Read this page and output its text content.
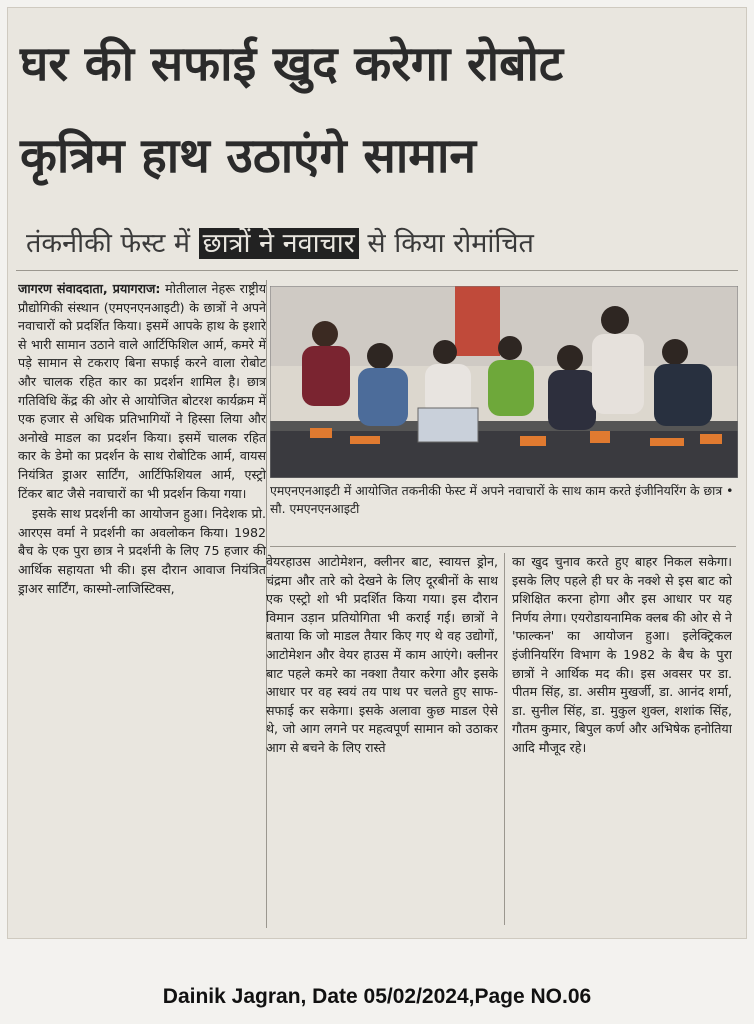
घर की सफाई खुद करेगा रोबोट
कृत्रिम हाथ उठाएंगे सामान
तंकनीकी फेस्ट में छात्रों ने नवाचार से किया रोमांचित

जागरण संवाददाता, प्रयागराज: मोतीलाल नेहरू राष्ट्रीय प्रौद्योगिकी संस्थान (एमएनएनआइटी) के छात्रों ने अपने नवाचारों को प्रदर्शित किया। इसमें आपके हाथ के इशारे से भारी सामान उठाने वाले आर्टिफिशिल आर्म, कमरे में पड़े सामान से टकराए बिना सफाई करने वाला रोबोट और चालक रहित कार का प्रदर्शन शामिल है। छात्र गतिविधि केंद्र की ओर से आयोजित बोटरश कार्यक्रम में एक हजार से अधिक प्रतिभागियों ने हिस्सा लिया और अनोखे माडल का प्रदर्शन किया। इसमें चालक रहित कार के डेमो का प्रदर्शन के साथ रोबोटिक आर्म, वायस नियंत्रित ड्राअर सार्टिंग, आर्टिफिशियल आर्म, एस्ट्रो टिंकर बाट जैसे नवाचारों का भी प्रदर्शन किया गया।

इसके साथ प्रदर्शनी का आयोजन हुआ। निदेशक प्रो. आरएस वर्मा ने प्रदर्शनी का अवलोकन किया। 1982 बैच के एक पुरा छात्र ने प्रदर्शनी के लिए 75 हजार की आर्थिक सहायता भी की। इस दौरान आवाज नियंत्रित ड्राअर सार्टिंग, कास्मो-लाजिस्टिक्स,

एमएनएनआइटी में आयोजित तकनीकी फेस्ट में अपने नवाचारों के साथ काम करते इंजीनियरिंग के छात्र • सौ. एमएनएनआइटी
वेयरहाउस आटोमेशन, क्लीनर बाट, स्वायत्त ड्रोन, चंद्रमा और तारे को देखने के लिए दूरबीनों के साथ एक एस्ट्रो शो भी प्रदर्शित किया गया। इस दौरान विमान उड़ान प्रतियोगिता भी कराई गई। छात्रों ने बताया कि जो माडल तैयार किए गए थे वह उद्योगों, आटोमेशन और वेयर हाउस में काम आएंगे। क्लीनर बाट पहले कमरे का नक्शा तैयार करेगा और इसके आधार पर वह स्वयं तय पाथ पर चलते हुए साफ-सफाई कर सकेगा। इसके अलावा कुछ माडल ऐसे थे, जो आग लगने पर महत्वपूर्ण सामान को उठाकर आग से बचने के लिए रास्ते
का खुद चुनाव करते हुए बाहर निकल सकेगा। इसके लिए पहले ही घर के नक्शे से इस बाट को प्रशिक्षित करना होगा और इस आधार पर यह निर्णय लेगा। एयरोडायनामिक क्लब की ओर से ने 'फाल्कन' का आयोजन हुआ। इलेक्ट्रिकल इंजीनियरिंग विभाग के 1982 के बैच के पुरा छात्रों ने आर्थिक मद की। इस अवसर पर डा. पीतम सिंह, डा. असीम मुखर्जी, डा. आनंद शर्मा, डा. सुनील सिंह, डा. मुकुल शुक्ल, शशांक सिंह, गौतम कुमार, बिपुल कर्ण और अभिषेक हनोतिया आदि मौजूद रहे।
Dainik Jagran, Date 05/02/2024,Page NO.06
